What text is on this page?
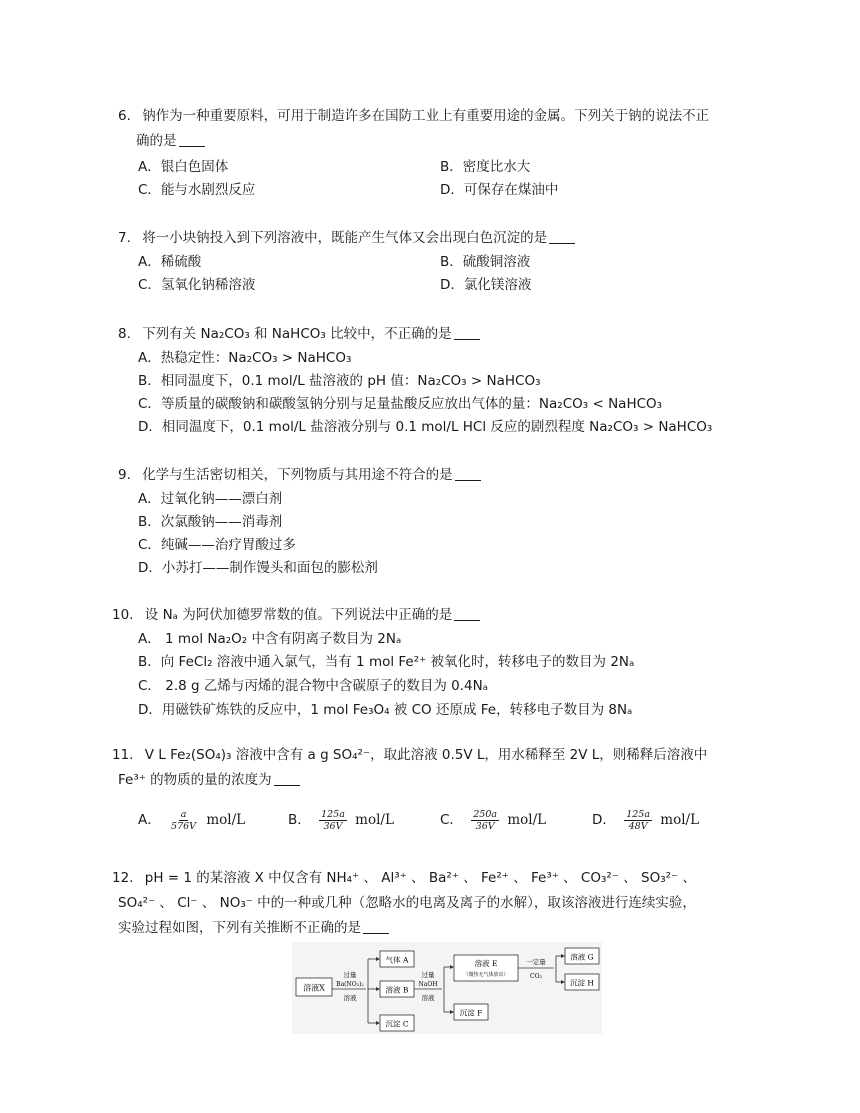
6. 钠作为一种重要原料，可用于制造许多在国防工业上有重要用途的金属。下列关于钠的说法不正
确的是
A．银白色固体	B．密度比水大
C．能与水剧烈反应	D．可保存在煤油中
7. 将一小块钠投入到下列溶液中，既能产生气体又会出现白色沉淀的是
A．稀硫酸	B．硫酸铜溶液
C．氢氧化钠稀溶液	D．氯化镁溶液
8. 下列有关 Na₂CO₃ 和 NaHCO₃ 比较中，不正确的是
A．热稳定性：Na₂CO₃ > NaHCO₃
B．相同温度下，0.1 mol/L 盐溶液的 pH 值：Na₂CO₃ > NaHCO₃
C．等质量的碳酸钠和碳酸氢钠分别与足量盐酸反应放出气体的量：Na₂CO₃ < NaHCO₃
D．相同温度下，0.1 mol/L 盐溶液分别与 0.1 mol/L HCl 反应的剧烈程度 Na₂CO₃ > NaHCO₃
9. 化学与生活密切相关，下列物质与其用途不符合的是
A．过氧化钠——漂白剂
B．次氯酸钠——消毒剂
C．纯碱——治疗胃酸过多
D．小苏打——制作馒头和面包的膨松剂
10. 设 Nₐ 为阿伏加德罗常数的值。下列说法中正确的是
A． 1 mol Na₂O₂ 中含有阴离子数目为 2Nₐ
B．向 FeCl₂ 溶液中通入氯气，当有 1 mol Fe²⁺ 被氧化时，转移电子的数目为 2Nₐ
C． 2.8 g 乙烯与丙烯的混合物中含碳原子的数目为 0.4Nₐ
D．用磁铁矿炼铁的反应中，1 mol Fe₃O₄ 被 CO 还原成 Fe，转移电子数目为 8Nₐ
11. V L Fe₂(SO₄)₃ 溶液中含有 a g SO₄²⁻，取此溶液 0.5V L，用水稀释至 2V L，则稀释后溶液中
Fe³⁺ 的物质的量的浓度为
A． $\frac{a}{576V} mol/L$	B． $\frac{125a}{36V} mol/L$	C． $\frac{250a}{36V} mol/L$	D． $\frac{125a}{48V} mol/L$
12. pH = 1 的某溶液 X 中仅含有 NH₄⁺ 、 Al³⁺ 、 Ba²⁺ 、 Fe²⁺ 、 Fe³⁺ 、 CO₃²⁻ 、 SO₃²⁻ 、
SO₄²⁻ 、 Cl⁻ 、 NO₃⁻ 中的一种或几种（忽略水的电离及离子的水解），取该溶液进行连续实验，
实验过程如图，下列有关推断不正确的是
溶液X
过量
Ba(NO₃)₂
溶液
气体 A
溶液 B
沉淀 C
过量
NaOH
溶液
溶液 E
（微热无气体放出）
沉淀 F
一定量
CO₂
溶液 G
沉淀 H
